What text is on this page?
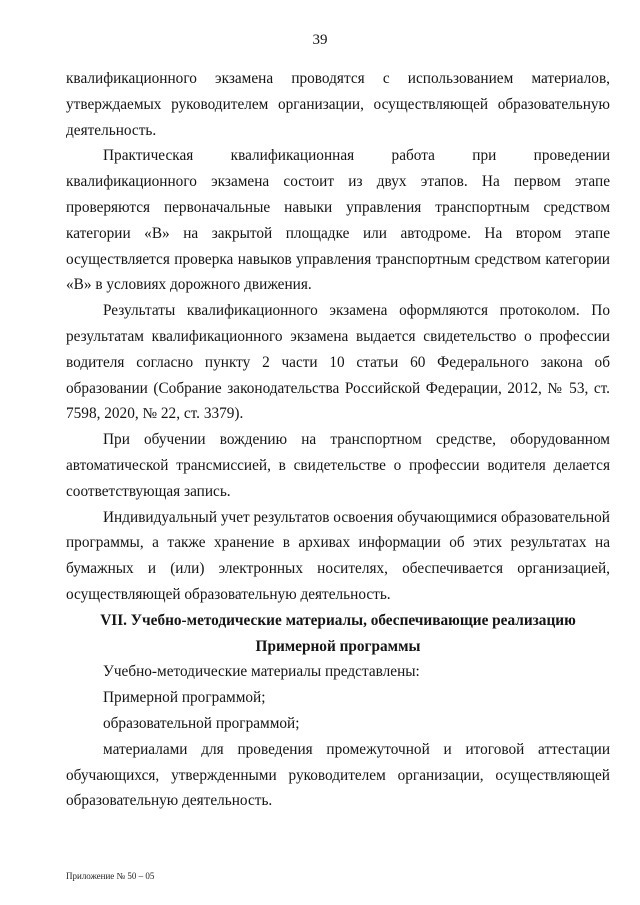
39

квалификационного экзамена проводятся с использованием материалов, утверждаемых руководителем организации, осуществляющей образовательную деятельность.

Практическая квалификационная работа при проведении квалификационного экзамена состоит из двух этапов. На первом этапе проверяются первоначальные навыки управления транспортным средством категории «В» на закрытой площадке или автодроме. На втором этапе осуществляется проверка навыков управления транспортным средством категории «В» в условиях дорожного движения.

Результаты квалификационного экзамена оформляются протоколом. По результатам квалификационного экзамена выдается свидетельство о профессии водителя согласно пункту 2 части 10 статьи 60 Федерального закона об образовании (Собрание законодательства Российской Федерации, 2012, № 53, ст. 7598, 2020, № 22, ст. 3379).

При обучении вождению на транспортном средстве, оборудованном автоматической трансмиссией, в свидетельстве о профессии водителя делается соответствующая запись.

Индивидуальный учет результатов освоения обучающимися образовательной программы, а также хранение в архивах информации об этих результатах на бумажных и (или) электронных носителях, обеспечивается организацией, осуществляющей образовательную деятельность.

VII. Учебно-методические материалы, обеспечивающие реализацию

Примерной программы

Учебно-методические материалы представлены:

Примерной программой;

образовательной программой;

материалами для проведения промежуточной и итоговой аттестации обучающихся, утвержденными руководителем организации, осуществляющей образовательную деятельность.

Приложение № 50 – 05
